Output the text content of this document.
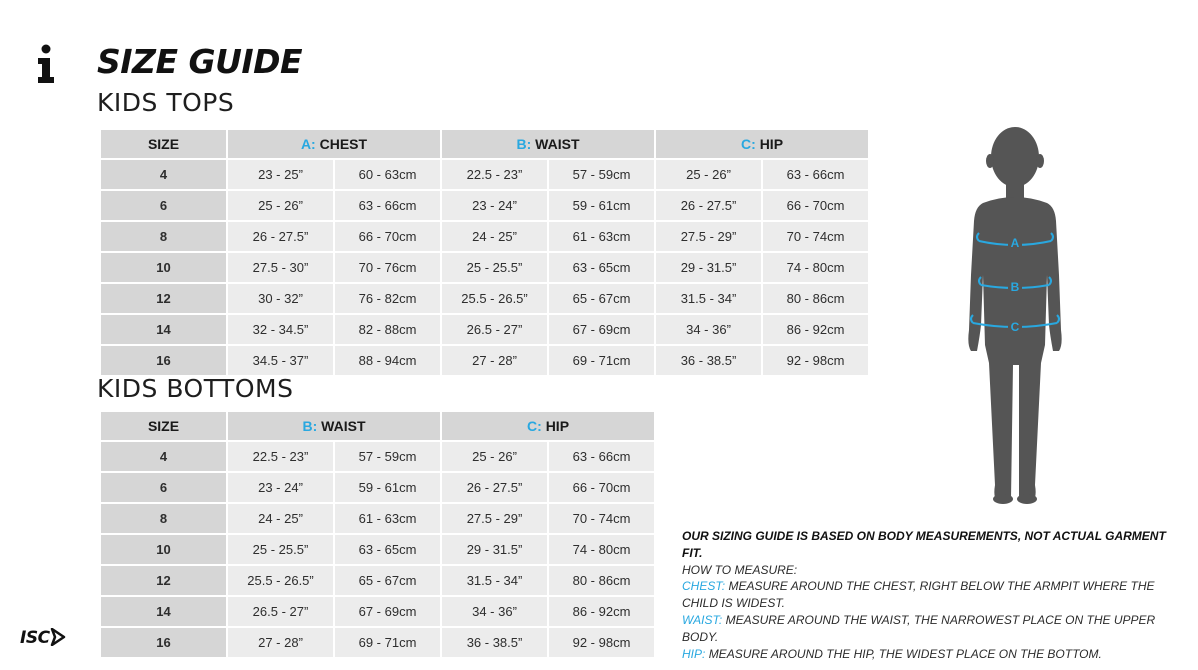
SIZE GUIDE
KIDS TOPS
SIZE	A: CHEST		B: WAIST		C: HIP	
4	23 - 25”	60 - 63cm	22.5 - 23”	57 - 59cm	25 - 26”	63 - 66cm
6	25 - 26”	63 - 66cm	23 - 24”	59 - 61cm	26 - 27.5”	66 - 70cm
8	26 - 27.5”	66 - 70cm	24 - 25”	61 - 63cm	27.5 - 29”	70 - 74cm
10	27.5 - 30”	70 - 76cm	25 - 25.5”	63 - 65cm	29 - 31.5”	74 - 80cm
12	30 - 32”	76 - 82cm	25.5 - 26.5”	65 - 67cm	31.5 - 34”	80 - 86cm
14	32 - 34.5”	82 - 88cm	26.5 - 27”	67 - 69cm	34 - 36”	86 - 92cm
16	34.5 - 37”	88 - 94cm	27 - 28”	69 - 71cm	36 - 38.5”	92 - 98cm
KIDS BOTTOMS
SIZE	B: WAIST		C: HIP	
4	22.5 - 23”	57 - 59cm	25 - 26”	63 - 66cm
6	23 - 24”	59 - 61cm	26 - 27.5”	66 - 70cm
8	24 - 25”	61 - 63cm	27.5 - 29”	70 - 74cm
10	25 - 25.5”	63 - 65cm	29 - 31.5”	74 - 80cm
12	25.5 - 26.5”	65 - 67cm	31.5 - 34”	80 - 86cm
14	26.5 - 27”	67 - 69cm	34 - 36”	86 - 92cm
16	27 - 28”	69 - 71cm	36 - 38.5”	92 - 98cm
A
B
C

OUR SIZING GUIDE IS BASED ON BODY MEASUREMENTS, NOT ACTUAL GARMENT FIT.

HOW TO MEASURE:

CHEST: MEASURE AROUND THE CHEST, RIGHT BELOW THE ARMPIT WHERE THE CHILD IS WIDEST.

WAIST: MEASURE AROUND THE WAIST, THE NARROWEST PLACE ON THE UPPER BODY.

HIP: MEASURE AROUND THE HIP, THE WIDEST PLACE ON THE BOTTOM.

ISC
